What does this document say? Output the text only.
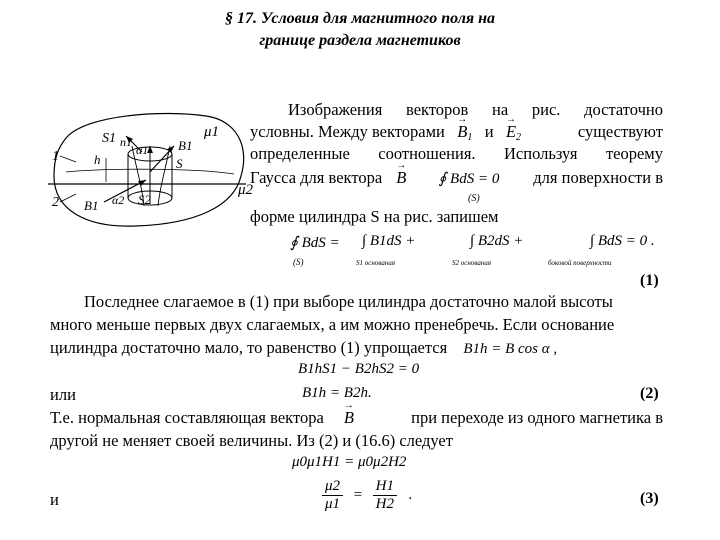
§ 17. Условия для магнитного поля на
границе раздела магнетиков
1
2
μ1
μ2
S1 n1
α1 B1
S
h
B1 α2 S2
Изображения векторов на рис. достаточно
условны. Между векторами → $B_1$ $и \to E_2$	существуют
определенные соотношения. Используя теорему
Гаусса для вектора → B ∮ BdS = 0 для поверхности в
(S)
форме цилиндра S на рис. запишем
∮ BdS = ∫ B1dS +	∫ B2dS +	∫ BdS = 0 .
(S)	S1 основания	S2 основания	боковой поверхности
(1)
Последнее слагаемое в (1) при выборе цилиндра достаточно малой высоты
много меньше первых двух слагаемых, а им можно пренебречь. Если основание
цилиндра достаточно мало, то равенство (1) упрощается B1h = B cos α ,
B1hS1 − B2hS2 = 0
или	B1h = B2h.	(2)
Т.е. нормальная составляющая вектора → B	при переходе из одного магнетика в
другой не меняет своей величины. Из (2) и (16.6) следует
μ0μ1H1 = μ0μ2H2
и	$\frac{\mu 2}{\mu 1} = \frac{H1}{H2}$ .	(3)
